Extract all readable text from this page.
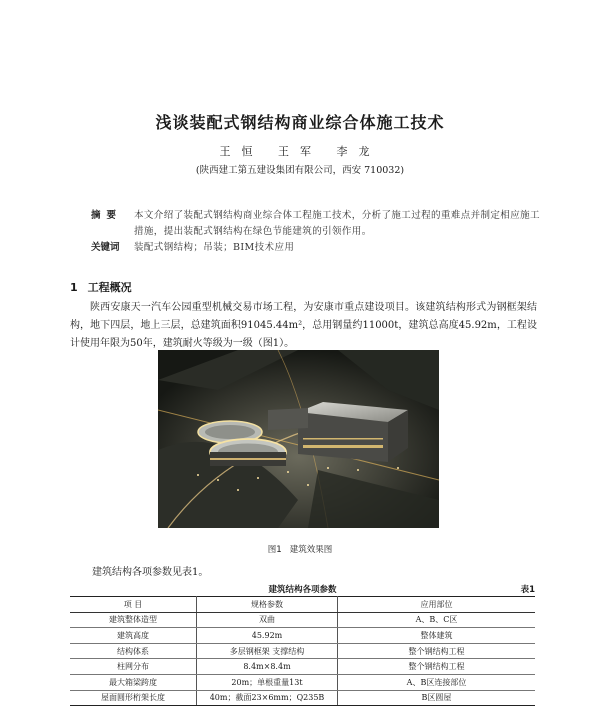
浅谈装配式钢结构商业综合体施工技术
王恒 王军 李龙
(陕西建工第五建设集团有限公司，西安 710032)
摘要 本文介绍了装配式钢结构商业综合体工程施工技术，分析了施工过程的重难点并制定相应施工措施，提出装配式钢结构在绿色节能建筑的引领作用。
关键词 装配式钢结构；吊装；BIM技术应用
1 工程概况
陕西安康天一汽车公园重型机械交易市场工程，为安康市重点建设项目。该建筑结构形式为钢框架结构，地下四层，地上三层，总建筑面积91045.44m²，总用钢量约11000t，建筑总高度45.92m，工程设计使用年限为50年，建筑耐火等级为一级（图1）。
图1 建筑效果图
建筑结构各项参数见表1。
建筑结构各项参数	表1
项 目	规格参数	应用部位
建筑整体造型	双曲	A、B、C区
建筑高度	45.92m	整体建筑
结构体系	多层钢框架 支撑结构	整个钢结构工程
柱网分布	8.4m×8.4m	整个钢结构工程
最大箱梁跨度	20m；单根重量13t	A、B区连接部位
屋面圆形桁架长度	40m；截面23×6mm；Q235B	B区圆屋
